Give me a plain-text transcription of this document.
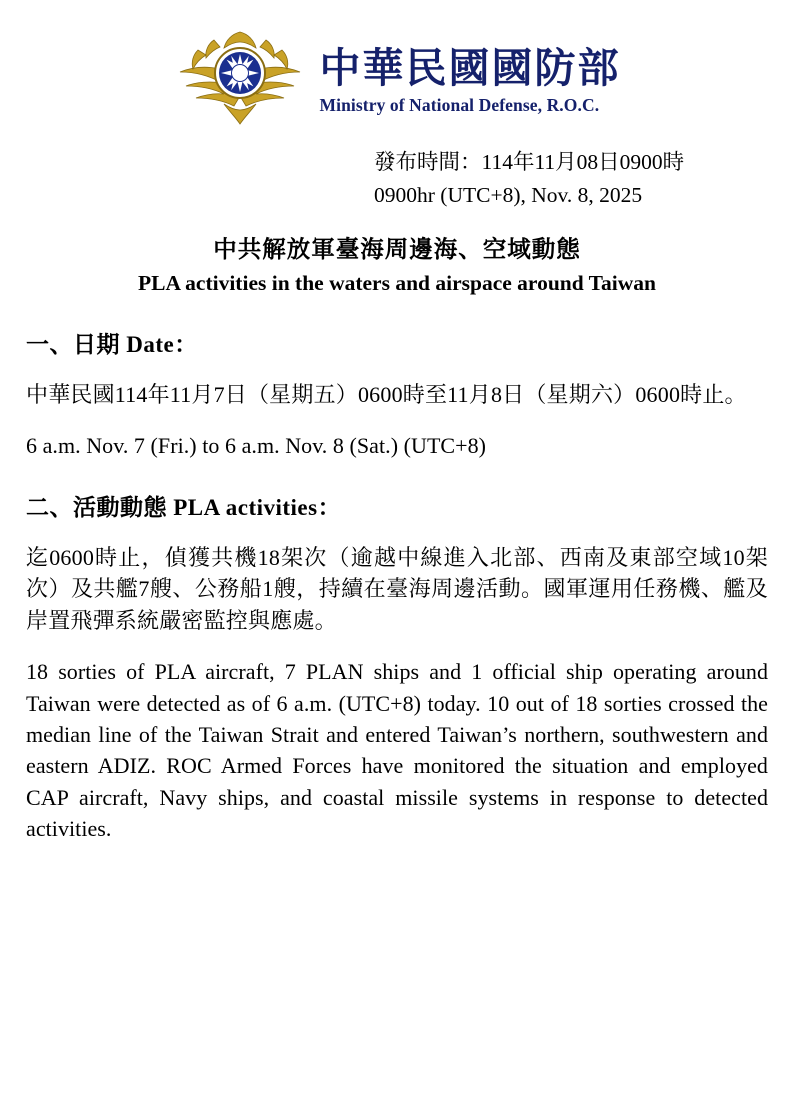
中華民國國防部
Ministry of National Defense, R.O.C.
發布時間：114年11月08日0900時
0900hr (UTC+8), Nov. 8, 2025
中共解放軍臺海周邊海、空域動態
PLA activities in the waters and airspace around Taiwan
一、日期 Date：

中華民國114年11月7日（星期五）0600時至11月8日（星期六）0600時止。

6 a.m. Nov. 7 (Fri.) to 6 a.m. Nov. 8 (Sat.) (UTC+8)

二、活動動態 PLA activities：

迄0600時止，偵獲共機18架次（逾越中線進入北部、西南及東部空域10架次）及共艦7艘、公務船1艘，持續在臺海周邊活動。國軍運用任務機、艦及岸置飛彈系統嚴密監控與應處。

18 sorties of PLA aircraft, 7 PLAN ships and 1 official ship operating around Taiwan were detected as of 6 a.m. (UTC+8) today. 10 out of 18 sorties crossed the median line of the Taiwan Strait and entered Taiwan’s northern, southwestern and eastern ADIZ. ROC Armed Forces have monitored the situation and employed CAP aircraft, Navy ships, and coastal missile systems in response to detected activities.
